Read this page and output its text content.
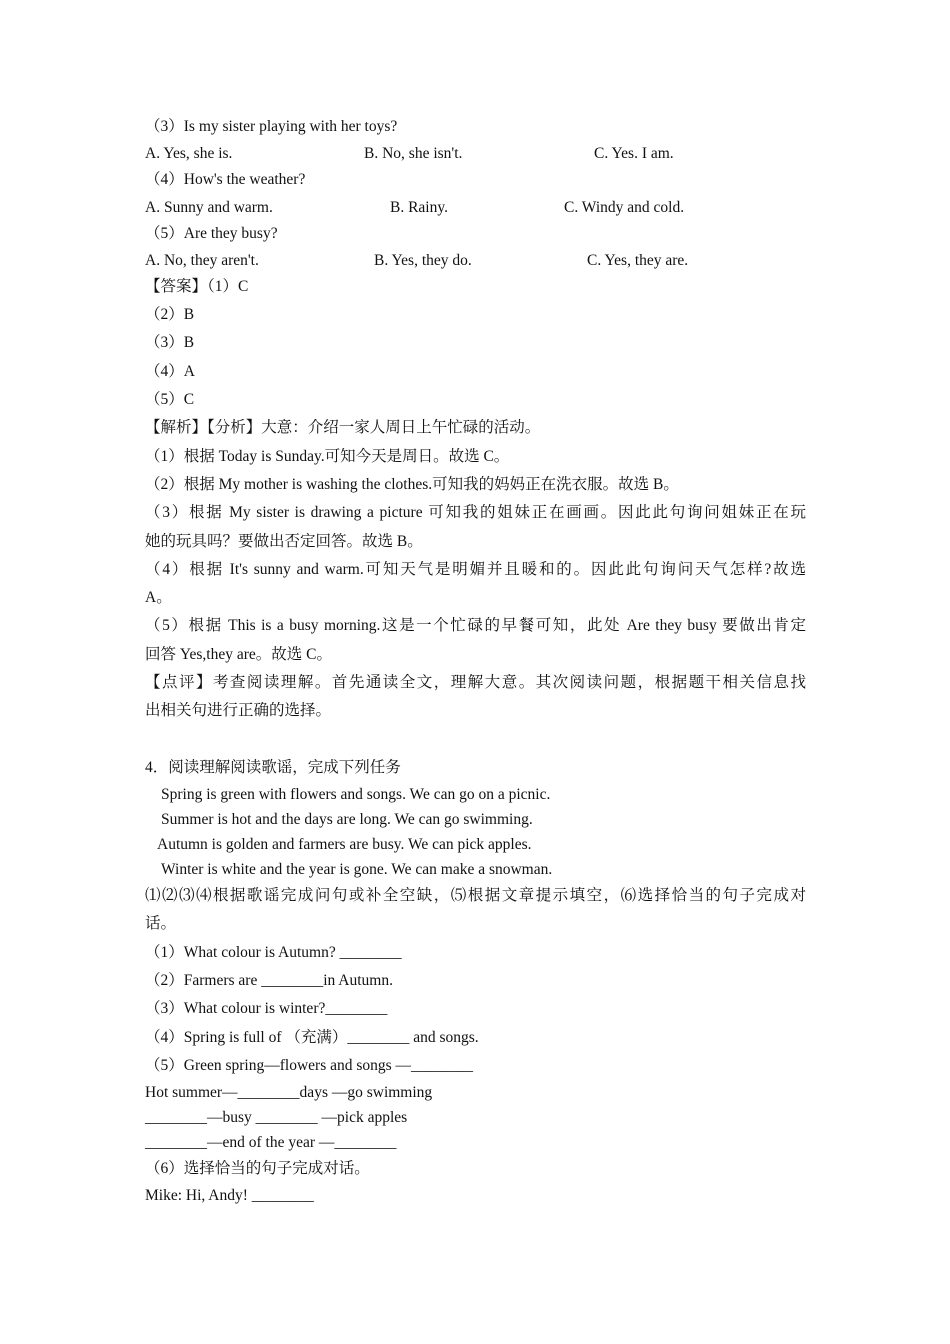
（3）Is my sister playing with her toys?
A. Yes, she is.	B. No, she isn't.	C. Yes. I am.
（4）How's the weather?
A. Sunny and warm.	B. Rainy.	C. Windy and cold.
（5）Are they busy?
A. No, they aren't.	B. Yes, they do.	C. Yes, they are.
【答案】（1）C
（2）B
（3）B
（4）A
（5）C
【解析】【分析】大意：介绍一家人周日上午忙碌的活动。
（1）根据 Today is Sunday.可知今天是周日。故选 C。
（2）根据 My mother is washing the clothes.可知我的妈妈正在洗衣服。故选 B。
（3）根据 My sister is drawing a picture 可知我的姐妹正在画画。因此此句询问姐妹正在玩
她的玩具吗？要做出否定回答。故选 B。
（4）根据 It's sunny and warm.可知天气是明媚并且暖和的。因此此句询问天气怎样?故选
A。
（5）根据 This is a busy morning.这是一个忙碌的早餐可知，此处 Are they busy 要做出肯定
回答 Yes,they are。故选 C。
【点评】考查阅读理解。首先通读全文，理解大意。其次阅读问题，根据题干相关信息找
出相关句进行正确的选择。
4．阅读理解阅读歌谣，完成下列任务
Spring is green with flowers and songs. We can go on a picnic.
Summer is hot and the days are long. We can go swimming.
Autumn is golden and farmers are busy. We can pick apples.
Winter is white and the year is gone. We can make a snowman.
⑴⑵⑶⑷根据歌谣完成问句或补全空缺，⑸根据文章提示填空，⑹选择恰当的句子完成对
话。
（1）What colour is Autumn? ________
（2）Farmers are ________in Autumn.
（3）What colour is winter?________
（4）Spring is full of （充满）________ and songs.
（5）Green spring—flowers and songs —________
Hot summer—________days —go swimming
________—busy ________ —pick apples
________—end of the year —________
（6）选择恰当的句子完成对话。
Mike: Hi, Andy! ________
